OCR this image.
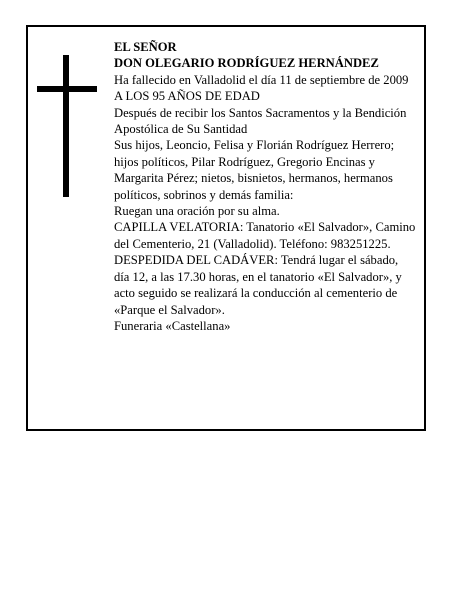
EL SEÑOR

DON OLEGARIO RODRÍGUEZ HERNÁNDEZ

Ha fallecido en Valladolid el día 11 de septiembre de 2009

A LOS 95 AÑOS DE EDAD

Después de recibir los Santos Sacramentos y la Bendición Apostólica de Su Santidad

Sus hijos, Leoncio, Felisa y Florián Rodríguez Herrero; hijos políticos, Pilar Rodríguez, Gregorio Encinas y Margarita Pérez; nietos, bisnietos, hermanos, hermanos políticos, sobrinos y demás familia:

Ruegan una oración por su alma.

CAPILLA VELATORIA: Tanatorio «El Salvador», Camino del Cementerio, 21 (Valladolid). Teléfono: 983251225.

DESPEDIDA DEL CADÁVER: Tendrá lugar el sábado, día 12, a las 17.30 horas, en el tanatorio «El Salvador», y acto seguido se realizará la conducción al cementerio de «Parque el Salvador».

Funeraria «Castellana»
